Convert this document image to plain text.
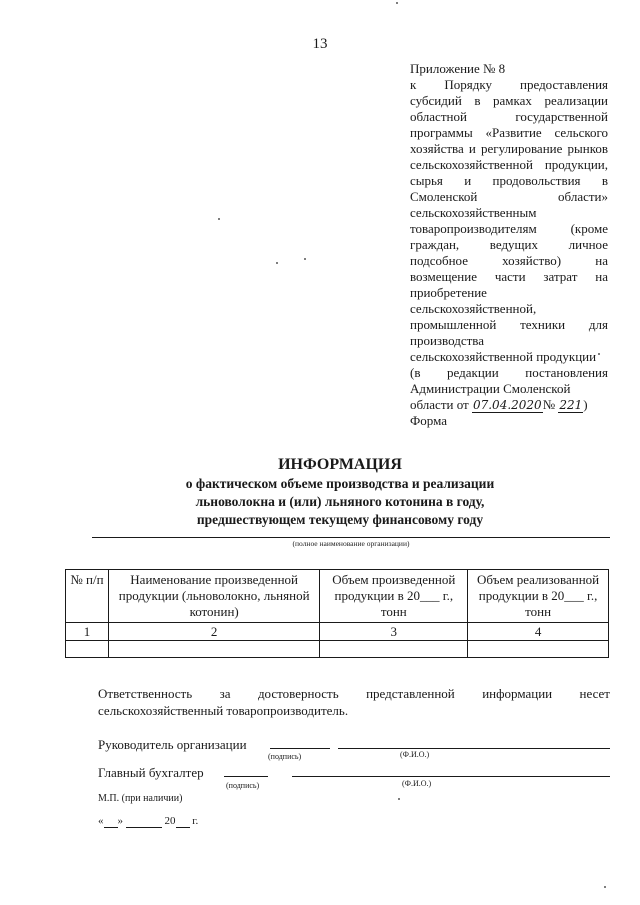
13
Приложение № 8
к Порядку предоставления субсидий в рамках реализации областной государственной программы «Развитие сельского хозяйства и регулирование рынков сельскохозяйственной продукции, сырья и продовольствия в Смоленской области» сельскохозяйственным товаропроизводителям (кроме граждан, ведущих личное подсобное хозяйство) на возмещение части затрат на приобретение сельскохозяйственной, промышленной техники для производства сельскохозяйственной продукции
(в редакции постановления Администрации Смоленской
области от 07.04.2020№ 221)
Форма
ИНФОРМАЦИЯ
о фактическом объеме производства и реализации
льноволокна и (или) льняного котонина в году,
предшествующем текущему финансовому году
(полное наименование организации)
№ п/п	Наименование произведенной продукции (льноволокно, льняной котонин)	Объем произведенной продукции в 20___ г., тонн	Объем реализованной продукции в 20___ г., тонн
1	2	3	4

Ответственность за достоверность представленной информации несет
сельскохозяйственный товаропроизводитель.
Руководитель организации
(подпись)	(Ф.И.О.)
Главный бухгалтер
(подпись)	(Ф.И.О.)
М.П. (при наличии)
« »	20 г.
